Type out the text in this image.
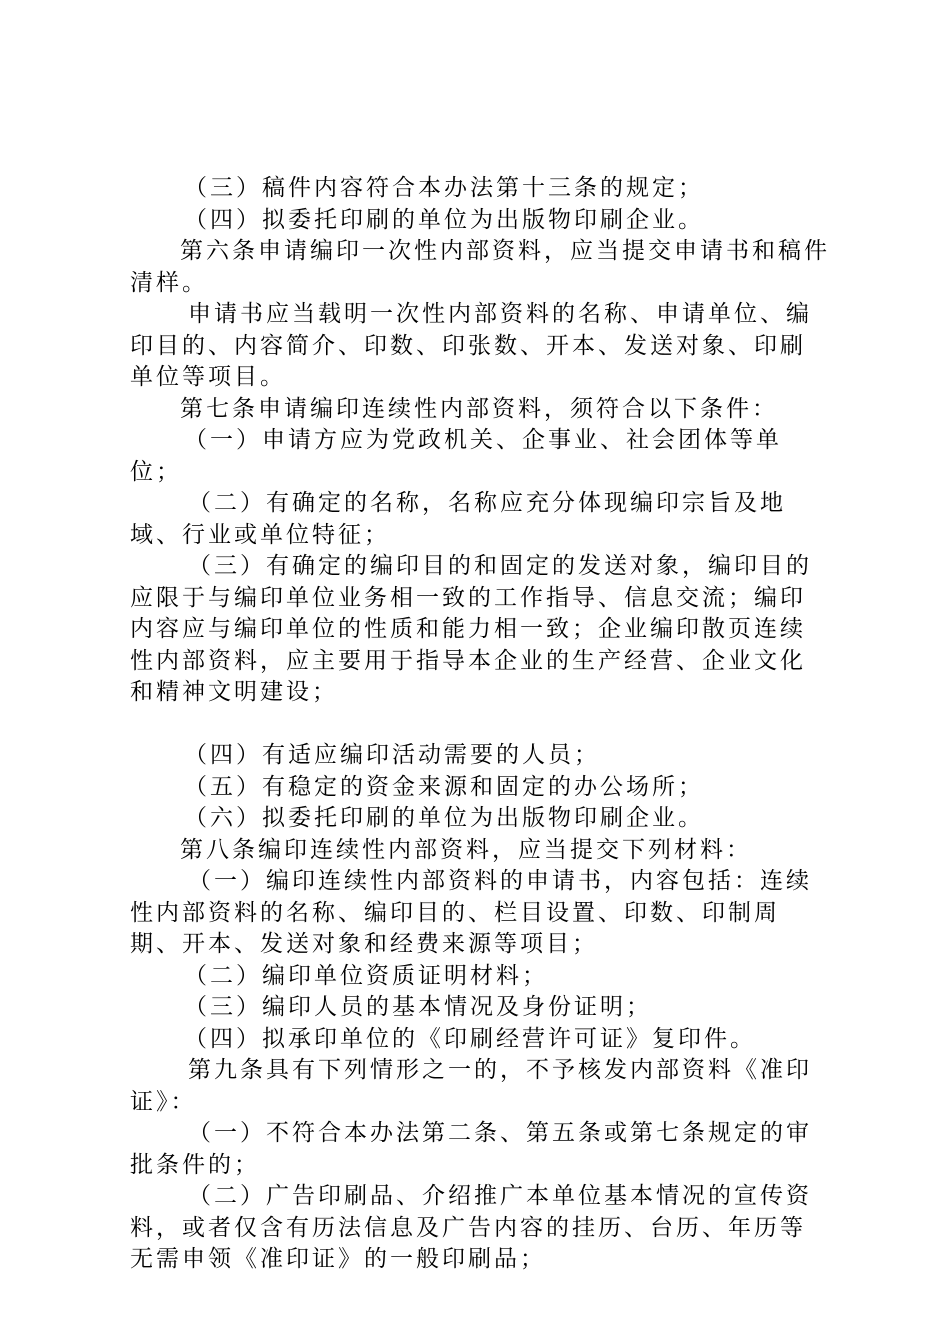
（三）稿件内容符合本办法第十三条的规定；

（四）拟委托印刷的单位为出版物印刷企业。

第六条申请编印一次性内部资料，应当提交申请书和稿件清样。

申请书应当载明一次性内部资料的名称、申请单位、编印目的、内容简介、印数、印张数、开本、发送对象、印刷单位等项目。

第七条申请编印连续性内部资料，须符合以下条件：

（一）申请方应为党政机关、企事业、社会团体等单位；

（二）有确定的名称，名称应充分体现编印宗旨及地域、行业或单位特征；

（三）有确定的编印目的和固定的发送对象，编印目的应限于与编印单位业务相一致的工作指导、信息交流；编印内容应与编印单位的性质和能力相一致；企业编印散页连续性内部资料，应主要用于指导本企业的生产经营、企业文化和精神文明建设；

（四）有适应编印活动需要的人员；

（五）有稳定的资金来源和固定的办公场所；

（六）拟委托印刷的单位为出版物印刷企业。

第八条编印连续性内部资料，应当提交下列材料：

（一）编印连续性内部资料的申请书，内容包括：连续性内部资料的名称、编印目的、栏目设置、印数、印制周期、开本、发送对象和经费来源等项目；

（二）编印单位资质证明材料；

（三）编印人员的基本情况及身份证明；

（四）拟承印单位的《印刷经营许可证》复印件。

第九条具有下列情形之一的，不予核发内部资料《准印证》：

（一）不符合本办法第二条、第五条或第七条规定的审批条件的；

（二）广告印刷品、介绍推广本单位基本情况的宣传资料，或者仅含有历法信息及广告内容的挂历、台历、年历等无需申领《准印证》的一般印刷品；
